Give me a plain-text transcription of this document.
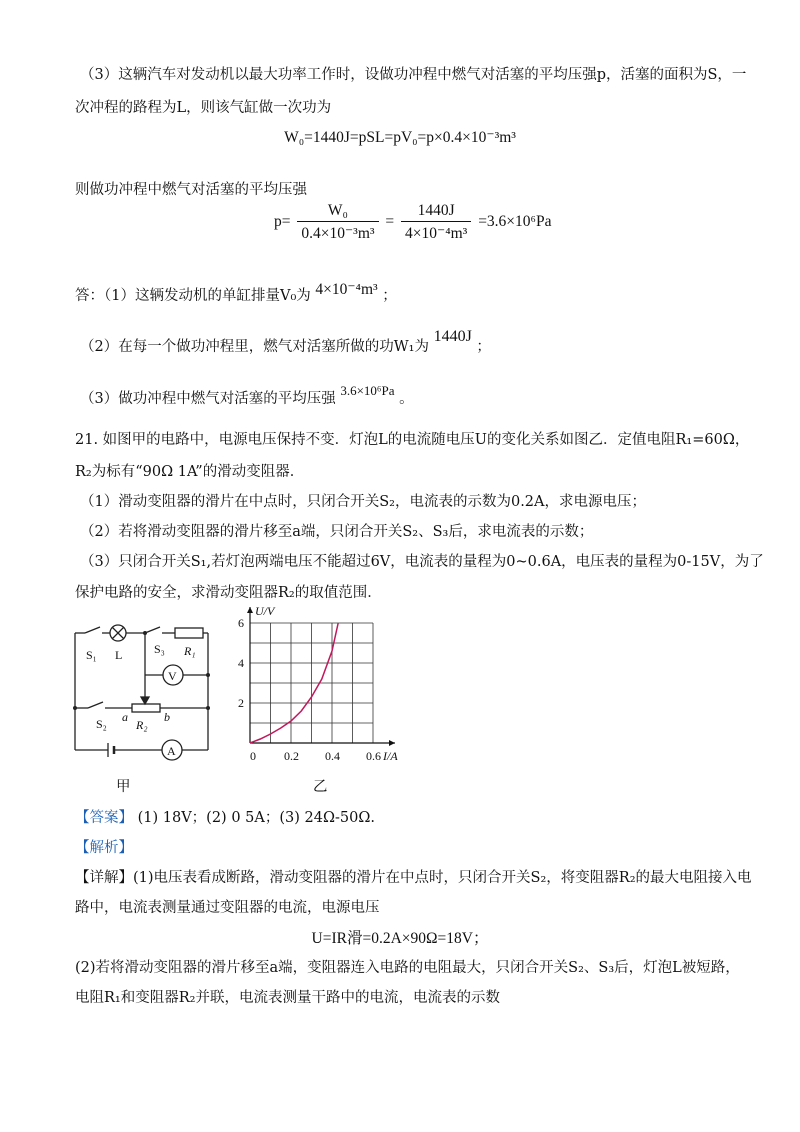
（3）这辆汽车对发动机以最大功率工作时，设做功冲程中燃气对活塞的平均压强p，活塞的面积为S，一
次冲程的路程为L，则该气缸做一次功为
W₀=1440J=pSL=pV₀=p×0.4×10⁻³m³
则做功冲程中燃气对活塞的平均压强
$p= \frac{\text{W₀}}{\text{0.4×10⁻³m³}} = \frac{1440J}{\text{4×10⁻⁴m³}} =3.6\times 10^6Pa$
答：（1）这辆发动机的单缸排量V₀为 4×10⁻⁴m³ ；
（2）在每一个做功冲程里，燃气对活塞所做的功W₁为 1440J ；
（3）做功冲程中燃气对活塞的平均压强 3.6×10⁶Pa 。
21. 如图甲的电路中，电源电压保持不变．灯泡L的电流随电压U的变化关系如图乙．定值电阻R₁=60Ω，
R₂为标有“90Ω 1A”的滑动变阻器．
（1）滑动变阻器的滑片在中点时，只闭合开关S₂，电流表的示数为0.2A，求电源电压；
（2）若将滑动变阻器的滑片移至a端，只闭合开关S₂、S₃后，求电流表的示数；
（3）只闭合开关S₁,若灯泡两端电压不能超过6V，电流表的量程为0~0.6A，电压表的量程为0-15V，为了
保护电路的安全，求滑动变阻器R₂的取值范围．
S₁ L	S₃ R₁
V
S₂ a
R₂
b
A
甲
0 0.2 0.4 0.6
2
4
6
I/A
U/V
乙
【答案】 (1) 18V；(2) 0 5A；(3) 24Ω-50Ω.
【解析】
【详解】(1)电压表看成断路，滑动变阻器的滑片在中点时，只闭合开关S₂，将变阻器R₂的最大电阻接入电
路中，电流表测量通过变阻器的电流，电源电压
U=IR滑=0.2A×90Ω=18V；
(2)若将滑动变阻器的滑片移至a端，变阻器连入电路的电阻最大，只闭合开关S₂、S₃后，灯泡L被短路，
电阻R₁和变阻器R₂并联，电流表测量干路中的电流，电流表的示数
